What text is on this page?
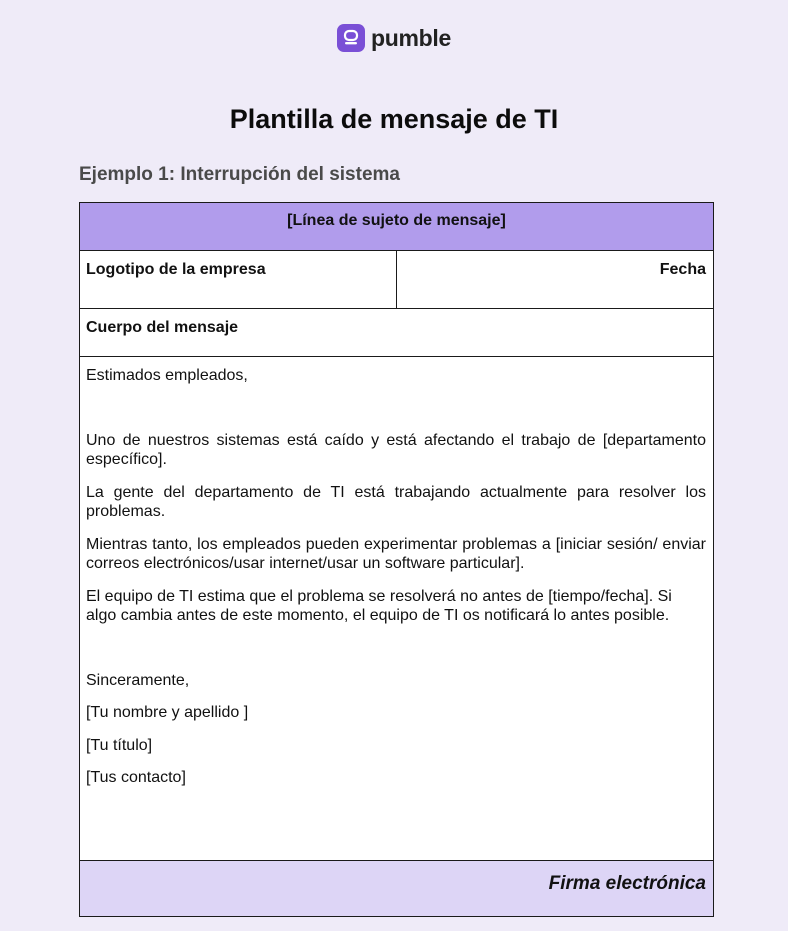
pumble
Plantilla de mensaje de TI
Ejemplo 1: Interrupción del sistema
[Línea de sujeto de mensaje]
Logotipo de la empresa	Fecha
Cuerpo del mensaje

Estimados empleados,

Uno de nuestros sistemas está caído y está afectando el trabajo de [departamento específico].

La gente del departamento de TI está trabajando actualmente para resolver los problemas.

Mientras tanto, los empleados pueden experimentar problemas a [iniciar sesión/ enviar correos electrónicos/usar internet/usar un software particular].

El equipo de TI estima que el problema se resolverá no antes de [tiempo/fecha]. Si algo cambia antes de este momento, el equipo de TI os notificará lo antes posible.

Sinceramente,

[Tu nombre y apellido ]

[Tu título]

[Tus contacto]

Firma electrónica
